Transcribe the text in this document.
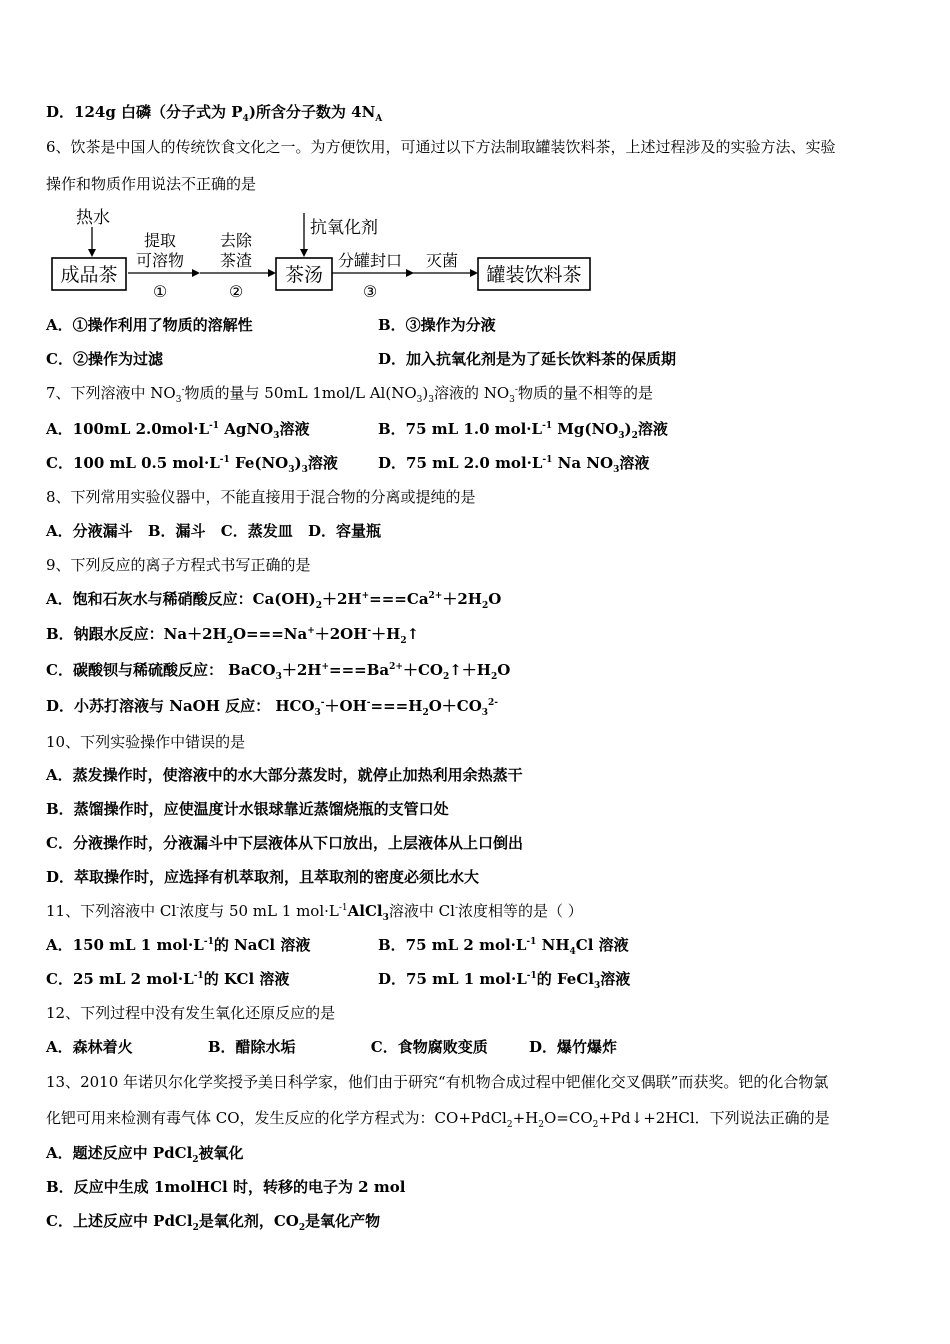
D．124g 白磷（分子式为 $P_4$)所含分子数为 $4N_A$
6、饮茶是中国人的传统饮食文化之一。为方便饮用，可通过以下方法制取罐装饮料茶，上述过程涉及的实验方法、实验
操作和物质作用说法不正确的是
热水
成品茶
提取
可溶物
①
去除
茶渣
②
抗氧化剂
茶汤
分罐封口
③
灭菌
罐装饮料茶
A．①操作利用了物质的溶解性	B．③操作为分液
C．②操作为过滤	D．加入抗氧化剂是为了延长饮料茶的保质期
7、下列溶液中 $NO_3^-$物质的量与 50mL 1mol/L $Al(NO_3)_3$溶液的 $NO_3^-$物质的量不相等的是
A．100mL $2.0mol\cdot L^{-1}$ AgNO$_3$溶液	B．75 mL 1.0 $mol\cdot L^{-1}$ $Mg(NO_3)_2$溶液
C．100 mL 0.5 $mol\cdot L^{-1}$ $Fe(NO_3)_3$溶液	D．75 mL 2.0 $mol\cdot L^{-1}$ Na $NO_3$溶液
8、下列常用实验仪器中，不能直接用于混合物的分离或提纯的是
A．分液漏斗 B．漏斗 C．蒸发皿 D．容量瓶
9、下列反应的离子方程式书写正确的是
A．饱和石灰水与稀硝酸反应：$Ca(OH)_2+2H^+===Ca^{2+}+2H_2O$
B．钠跟水反应：$Na+2H_2O===Na^++2OH^-+H_2↑$
C．碳酸钡与稀硫酸反应： $BaCO_3+2H^+===Ba^{2+}+CO_2↑+H_2O$
D．小苏打溶液与 NaOH 反应： $HCO_3^-+OH^-===H_2O+CO_3^{2-}$
10、下列实验操作中错误的是
A．蒸发操作时，使溶液中的水大部分蒸发时，就停止加热利用余热蒸干
B．蒸馏操作时，应使温度计水银球靠近蒸馏烧瓶的支管口处
C．分液操作时，分液漏斗中下层液体从下口放出，上层液体从上口倒出
D．萃取操作时，应选择有机萃取剂，且萃取剂的密度必须比水大
11、下列溶液中 Cl-浓度与 50 mL 1 $mol\cdot L^{-1}AlCl_3$溶液中 Cl-浓度相等的是（ ）
A．150 mL 1 $mol\cdot L^{-1}$的 NaCl 溶液	B．75 mL 2 $mol\cdot L^{-1}$ $NH_4Cl$ 溶液
C．25 mL 2 $mol\cdot L^{-1}$的 KCl 溶液	D．75 mL 1 $mol\cdot L^{-1}$的 FeCl$_3$溶液
12、下列过程中没有发生氧化还原反应的是
A．森林着火	B．醋除水垢	C．食物腐败变质	D．爆竹爆炸
13、2010 年诺贝尔化学奖授予美日科学家，他们由于研究“有机物合成过程中钯催化交叉偶联”而获奖。钯的化合物氯
化钯可用来检测有毒气体 CO，发生反应的化学方程式为：$CO+PdCl_2+H_2O=CO_2+Pd↓+2HCl$．下列说法正确的是
A．题述反应中 PdCl$_2$被氧化
B．反应中生成 1molHCl 时，转移的电子为 2 mol
C．上述反应中 PdCl$_2$是氧化剂，$CO_2$是氧化产物
